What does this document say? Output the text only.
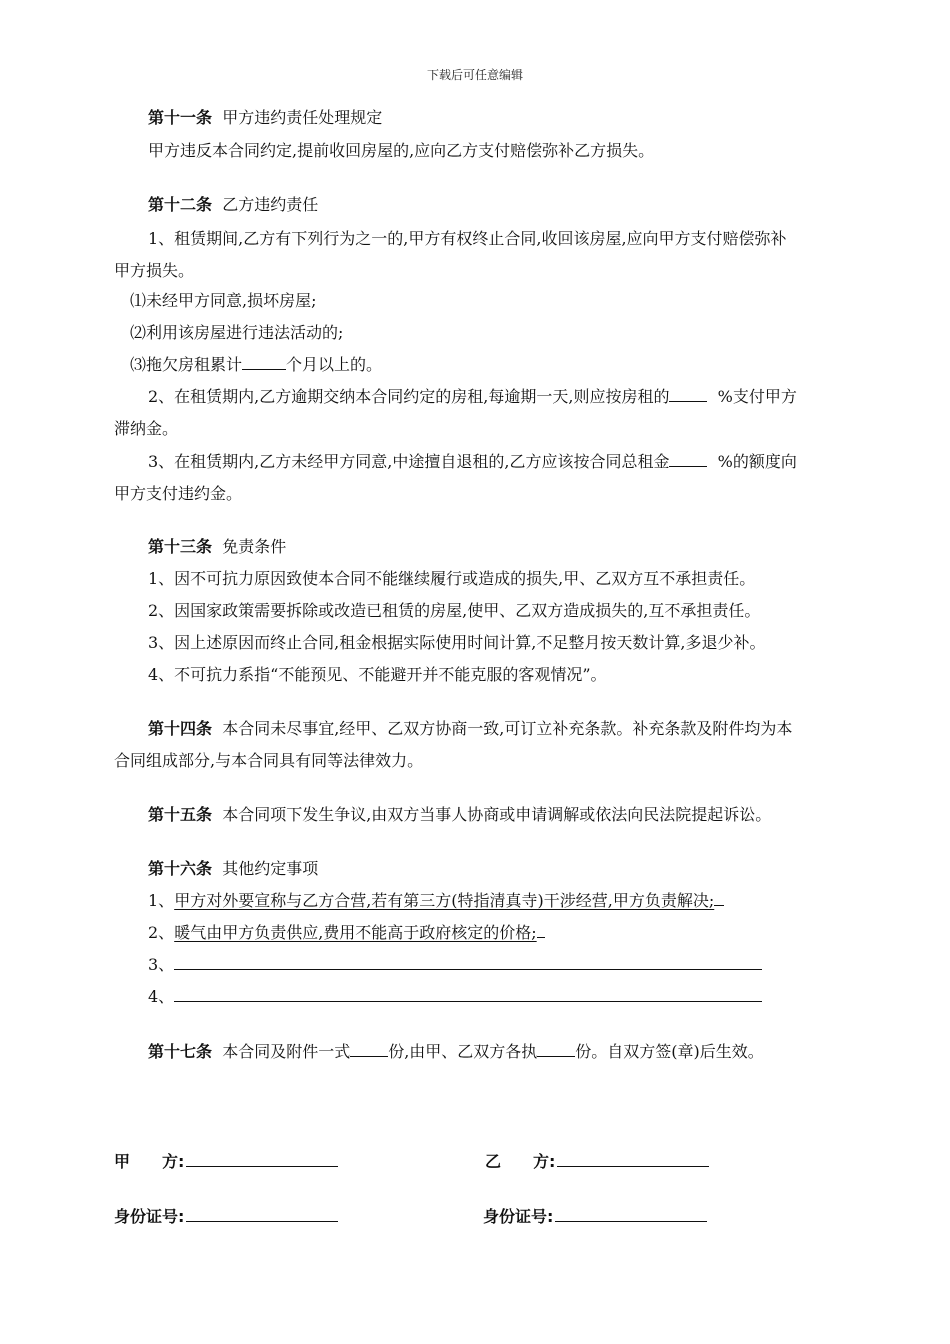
下载后可任意编辑
第十一条 甲方违约责任处理规定
甲方违反本合同约定,提前收回房屋的,应向乙方支付赔偿弥补乙方损失。
第十二条 乙方违约责任
1、租赁期间,乙方有下列行为之一的,甲方有权终止合同,收回该房屋,应向甲方支付赔偿弥补
甲方损失。
⑴未经甲方同意,损坏房屋;
⑵利用该房屋进行违法活动的;
⑶拖欠房租累计	个月以上的。
2、在租赁期内,乙方逾期交纳本合同约定的房租,每逾期一天,则应按房租的	%支付甲方
滞纳金。
3、在租赁期内,乙方未经甲方同意,中途擅自退租的,乙方应该按合同总租金	%的额度向
甲方支付违约金。
第十三条 免责条件
1、因不可抗力原因致使本合同不能继续履行或造成的损失,甲、乙双方互不承担责任。
2、因国家政策需要拆除或改造已租赁的房屋,使甲、乙双方造成损失的,互不承担责任。
3、因上述原因而终止合同,租金根据实际使用时间计算,不足整月按天数计算,多退少补。
4、不可抗力系指“不能预见、不能避开并不能克服的客观情况”。
第十四条 本合同未尽事宜,经甲、乙双方协商一致,可订立补充条款。补充条款及附件均为本
合同组成部分,与本合同具有同等法律效力。
第十五条 本合同项下发生争议,由双方当事人协商或申请调解或依法向民法院提起诉讼。
第十六条 其他约定事项
1、甲方对外要宣称与乙方合营,若有第三方(特指清真寺)干涉经营,甲方负责解决;
2、暖气由甲方负责供应,费用不能高于政府核定的价格;
3、
4、
第十七条 本合同及附件一式 份,由甲、乙双方各执 份。自双方签(章)后生效。
甲　　方:	乙　　方:
身份证号:	身份证号:
